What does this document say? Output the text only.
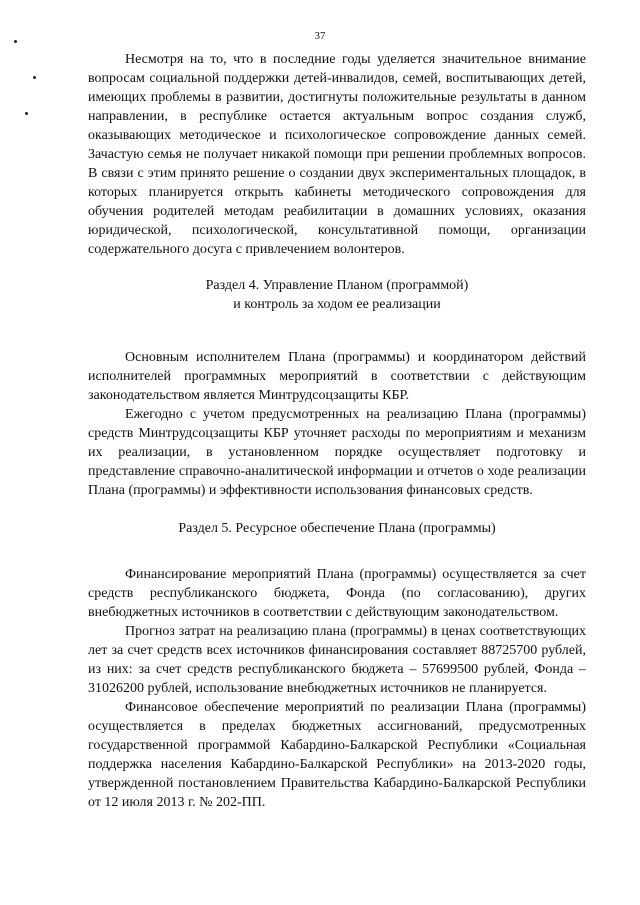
37

Несмотря на то, что в последние годы уделяется значительное внимание вопросам социальной поддержки детей-инвалидов, семей, воспитывающих детей, имеющих проблемы в развитии, достигнуты положительные результаты в данном направлении, в республике остается актуальным вопрос создания служб, оказывающих методическое и психологическое сопровождение данных семей. Зачастую семья не получает никакой помощи при решении проблемных вопросов. В связи с этим принято решение о создании двух экспериментальных площадок, в которых планируется открыть кабинеты методического сопровождения для обучения родителей методам реабилитации в домашних условиях, оказания юридической, психологической, консультативной помощи, организации содержательного досуга с привлечением волонтеров.

Раздел 4. Управление Планом (программой)
и контроль за ходом ее реализации

Основным исполнителем Плана (программы) и координатором действий исполнителей программных мероприятий в соответствии с действующим законодательством является Минтрудсоцзащиты КБР.

Ежегодно с учетом предусмотренных на реализацию Плана (программы) средств Минтрудсоцзащиты КБР уточняет расходы по мероприятиям и механизм их реализации, в установленном порядке осуществляет подготовку и представление справочно-аналитической информации и отчетов о ходе реализации Плана (программы) и эффективности использования финансовых средств.

Раздел 5. Ресурсное обеспечение Плана (программы)

Финансирование мероприятий Плана (программы) осуществляется за счет средств республиканского бюджета, Фонда (по согласованию), других внебюджетных источников в соответствии с действующим законодательством.

Прогноз затрат на реализацию плана (программы) в ценах соответствующих лет за счет средств всех источников финансирования составляет 88725700 рублей, из них: за счет средств республиканского бюджета – 57699500 рублей, Фонда – 31026200 рублей, использование внебюджетных источников не планируется.

Финансовое обеспечение мероприятий по реализации Плана (программы) осуществляется в пределах бюджетных ассигнований, предусмотренных государственной программой Кабардино-Балкарской Республики «Социальная поддержка населения Кабардино-Балкарской Республики» на 2013-2020 годы, утвержденной постановлением Правительства Кабардино-Балкарской Республики от 12 июля 2013 г. № 202-ПП.
